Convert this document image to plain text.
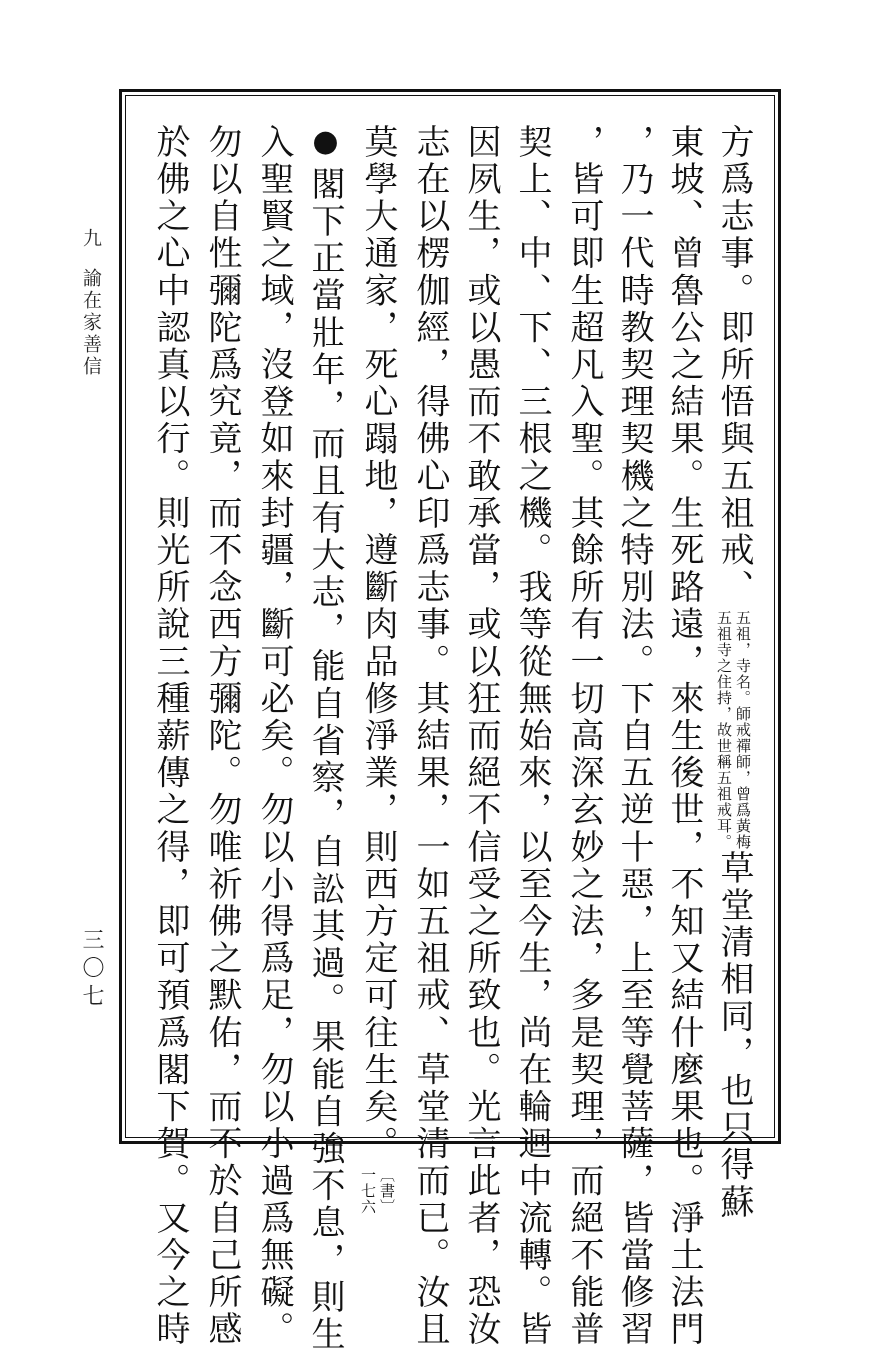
九
諭在家善信
三〇七
方爲志事。即所悟與五祖戒、
五祖，寺名。師戒禪師，曾爲黃梅
五祖寺之住持，故世稱五祖戒耳。
草堂清相同，也只得蘇
東坡、曾魯公之結果。生死路遠，來生後世，不知又結什麼果也。淨土法門
，乃一代時教契理契機之特別法。下自五逆十惡，上至等覺菩薩，皆當修習
，皆可即生超凡入聖。其餘所有一切高深玄妙之法，多是契理，而絕不能普
契上、中、下、三根之機。我等從無始來，以至今生，尚在輪迴中流轉。皆
因夙生，或以愚而不敢承當，或以狂而絕不信受之所致也。光言此者，恐汝
志在以楞伽經，得佛心印爲志事。其結果，一如五祖戒、草堂清而已。汝且
莫學大通家，死心蹋地，遵斷肉品修淨業，則西方定可往生矣。
〔書〕
一七六
● 閣下正當壯年，而且有大志，能自省察，自訟其過。果能自強不息，則生
入聖賢之域，沒登如來封疆，斷可必矣。勿以小得爲足，勿以小過爲無礙。
勿以自性彌陀爲究竟，而不念西方彌陀。勿唯祈佛之默佑，而不於自己所感
於佛之心中認真以行。則光所說三種薪傳之得，即可預爲閣下賀。又今之時
